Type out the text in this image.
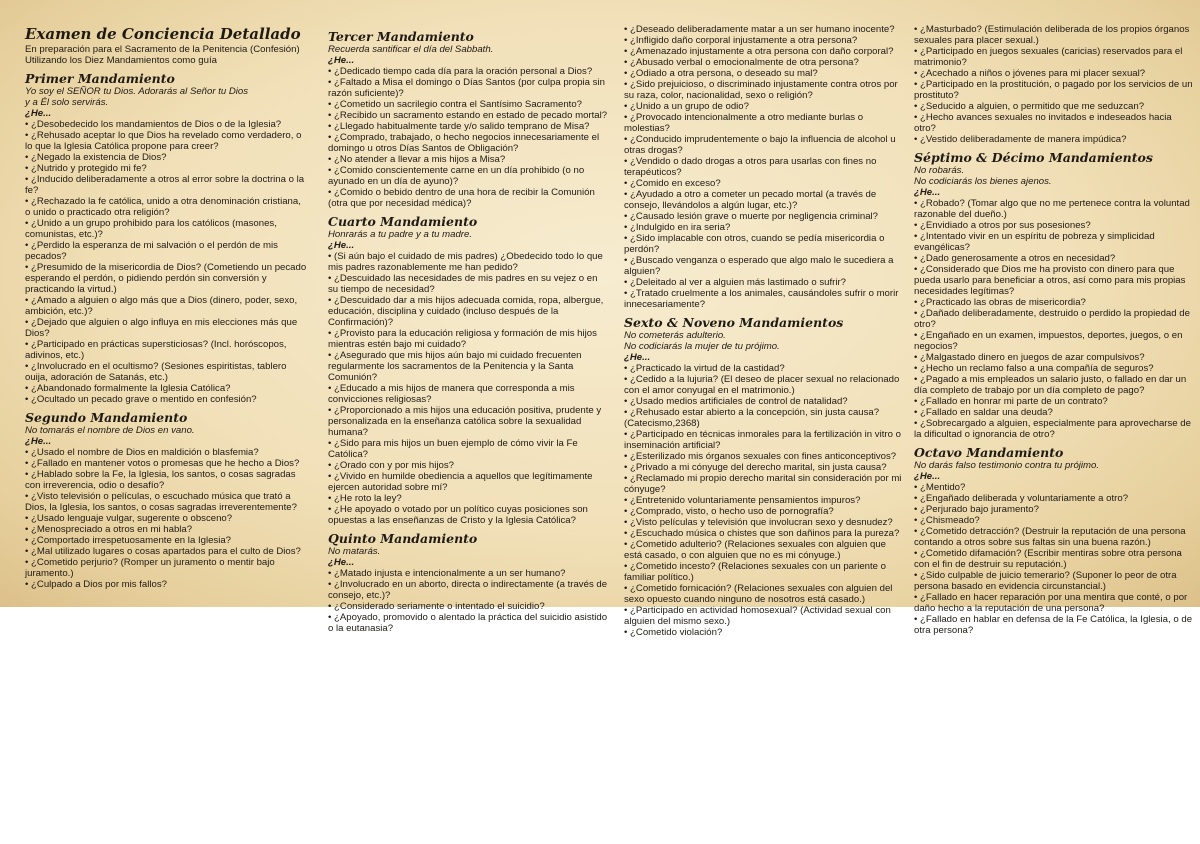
Examen de Conciencia Detallado

En preparación para el Sacramento de la Penitencia (Confesión)

Utilizando los Diez Mandamientos como guía

Primer Mandamiento

Yo soy el SEÑOR tu Dios. Adorarás al Señor tu Dios

y a Él solo servirás.

¿He...

• ¿Desobedecido los mandamientos de Dios o de la Iglesia?
• ¿Rehusado aceptar lo que Dios ha revelado como verdadero, o lo que la Iglesia Católica propone para creer?
• ¿Negado la existencia de Dios?
• ¿Nutrido y protegido mi fe?
• ¿Inducido deliberadamente a otros al error sobre la doctrina o la fe?
• ¿Rechazado la fe católica, unido a otra denominación cristiana, o unido o practicado otra religión?
• ¿Unido a un grupo prohibido para los católicos (masones, comunistas, etc.)?
• ¿Perdido la esperanza de mi salvación o el perdón de mis pecados?
• ¿Presumido de la misericordia de Dios? (Cometiendo un pecado esperando el perdón, o pidiendo perdón sin conversión y practicando la virtud.)
• ¿Amado a alguien o algo más que a Dios (dinero, poder, sexo, ambición, etc.)?
• ¿Dejado que alguien o algo influya en mis elecciones más que Dios?
• ¿Participado en prácticas supersticiosas? (Incl. horóscopos, adivinos, etc.)
• ¿Involucrado en el ocultismo? (Sesiones espiritistas, tablero ouija, adoración de Satanás, etc.)
• ¿Abandonado formalmente la Iglesia Católica?
• ¿Ocultado un pecado grave o mentido en confesión?
Segundo Mandamiento

No tomarás el nombre de Dios en vano.

¿He...

• ¿Usado el nombre de Dios en maldición o blasfemia?
• ¿Fallado en mantener votos o promesas que he hecho a Dios?
• ¿Hablado sobre la Fe, la Iglesia, los santos, o cosas sagradas con irreverencia, odio o desafío?
• ¿Visto televisión o películas, o escuchado música que trató a Dios, la Iglesia, los santos, o cosas sagradas irreverentemente?
• ¿Usado lenguaje vulgar, sugerente o obsceno?
• ¿Menospreciado a otros en mi habla?
• ¿Comportado irrespetuosamente en la Iglesia?
• ¿Mal utilizado lugares o cosas apartados para el culto de Dios?
• ¿Cometido perjurio? (Romper un juramento o mentir bajo juramento.)
• ¿Culpado a Dios por mis fallos?
Tercer Mandamiento

Recuerda santificar el día del Sabbath.

¿He...

• ¿Dedicado tiempo cada día para la oración personal a Dios?
• ¿Faltado a Misa el domingo o Días Santos (por culpa propia sin razón suficiente)?
• ¿Cometido un sacrilegio contra el Santísimo Sacramento?
• ¿Recibido un sacramento estando en estado de pecado mortal?
• ¿Llegado habitualmente tarde y/o salido temprano de Misa?
• ¿Comprado, trabajado, o hecho negocios innecesariamente el domingo u otros Días Santos de Obligación?
• ¿No atender a llevar a mis hijos a Misa?
• ¿Comido conscientemente carne en un día prohibido (o no ayunado en un día de ayuno)?
• ¿Comido o bebido dentro de una hora de recibir la Comunión (otra que por necesidad médica)?
Cuarto Mandamiento

Honrarás a tu padre y a tu madre.

¿He...

• (Si aún bajo el cuidado de mis padres) ¿Obedecido todo lo que mis padres razonablemente me han pedido?
• ¿Descuidado las necesidades de mis padres en su vejez o en su tiempo de necesidad?
• ¿Descuidado dar a mis hijos adecuada comida, ropa, albergue, educación, disciplina y cuidado (incluso después de la Confirmación)?
• ¿Provisto para la educación religiosa y formación de mis hijos mientras estén bajo mi cuidado?
• ¿Asegurado que mis hijos aún bajo mi cuidado frecuenten regularmente los sacramentos de la Penitencia y la Santa Comunión?
• ¿Educado a mis hijos de manera que corresponda a mis convicciones religiosas?
• ¿Proporcionado a mis hijos una educación positiva, prudente y personalizada en la enseñanza católica sobre la sexualidad humana?
• ¿Sido para mis hijos un buen ejemplo de cómo vivir la Fe Católica?
• ¿Orado con y por mis hijos?
• ¿Vivido en humilde obediencia a aquellos que legítimamente ejercen autoridad sobre mí?
• ¿He roto la ley?
• ¿He apoyado o votado por un político cuyas posiciones son opuestas a las enseñanzas de Cristo y la Iglesia Católica?
Quinto Mandamiento

No matarás.

¿He...

• ¿Matado injusta e intencionalmente a un ser humano?
• ¿Involucrado en un aborto, directa o indirectamente (a través de consejo, etc.)?
• ¿Considerado seriamente o intentado el suicidio?
• ¿Apoyado, promovido o alentado la práctica del suicidio asistido o la eutanasia?
• ¿Deseado deliberadamente matar a un ser humano inocente?
• ¿Infligido daño corporal injustamente a otra persona?
• ¿Amenazado injustamente a otra persona con daño corporal?
• ¿Abusado verbal o emocionalmente de otra persona?
• ¿Odiado a otra persona, o deseado su mal?
• ¿Sido prejuicioso, o discriminado injustamente contra otros por su raza, color, nacionalidad, sexo o religión?
• ¿Unido a un grupo de odio?
• ¿Provocado intencionalmente a otro mediante burlas o molestias?
• ¿Conducido imprudentemente o bajo la influencia de alcohol u otras drogas?
• ¿Vendido o dado drogas a otros para usarlas con fines no terapéuticos?
• ¿Comido en exceso?
• ¿Ayudado a otro a cometer un pecado mortal (a través de consejo, llevándolos a algún lugar, etc.)?
• ¿Causado lesión grave o muerte por negligencia criminal?
• ¿Indulgido en ira seria?
• ¿Sido implacable con otros, cuando se pedía misericordia o perdón?
• ¿Buscado venganza o esperado que algo malo le sucediera a alguien?
• ¿Deleitado al ver a alguien más lastimado o sufrir?
• ¿Tratado cruelmente a los animales, causándoles sufrir o morir innecesariamente?
Sexto & Noveno Mandamientos

No cometerás adulterio.

No codiciarás la mujer de tu prójimo.

¿He...

• ¿Practicado la virtud de la castidad?
• ¿Cedido a la lujuria? (El deseo de placer sexual no relacionado con el amor conyugal en el matrimonio.)
• ¿Usado medios artificiales de control de natalidad?
• ¿Rehusado estar abierto a la concepción, sin justa causa? (Catecismo,2368)
• ¿Participado en técnicas inmorales para la fertilización in vitro o inseminación artificial?
• ¿Esterilizado mis órganos sexuales con fines anticonceptivos?
• ¿Privado a mi cónyuge del derecho marital, sin justa causa?
• ¿Reclamado mi propio derecho marital sin consideración por mi cónyuge?
• ¿Entretenido voluntariamente pensamientos impuros?
• ¿Comprado, visto, o hecho uso de pornografía?
• ¿Visto películas y televisión que involucran sexo y desnudez?
• ¿Escuchado música o chistes que son dañinos para la pureza?
• ¿Cometido adulterio? (Relaciones sexuales con alguien que está casado, o con alguien que no es mi cónyuge.)
• ¿Cometido incesto? (Relaciones sexuales con un pariente o familiar político.)
• ¿Cometido fornicación? (Relaciones sexuales con alguien del sexo opuesto cuando ninguno de nosotros está casado.)
• ¿Participado en actividad homosexual? (Actividad sexual con alguien del mismo sexo.)
• ¿Cometido violación?
• ¿Masturbado? (Estimulación deliberada de los propios órganos sexuales para placer sexual.)
• ¿Participado en juegos sexuales (caricias) reservados para el matrimonio?
• ¿Acechado a niños o jóvenes para mi placer sexual?
• ¿Participado en la prostitución, o pagado por los servicios de un prostituto?
• ¿Seducido a alguien, o permitido que me seduzcan?
• ¿Hecho avances sexuales no invitados e indeseados hacia otro?
• ¿Vestido deliberadamente de manera impúdica?
Séptimo & Décimo Mandamientos

No robarás.

No codiciarás los bienes ajenos.

¿He...

• ¿Robado? (Tomar algo que no me pertenece contra la voluntad razonable del dueño.)
• ¿Envidiado a otros por sus posesiones?
• ¿Intentado vivir en un espíritu de pobreza y simplicidad evangélicas?
• ¿Dado generosamente a otros en necesidad?
• ¿Considerado que Dios me ha provisto con dinero para que pueda usarlo para beneficiar a otros, así como para mis propias necesidades legítimas?
• ¿Practicado las obras de misericordia?
• ¿Dañado deliberadamente, destruido o perdido la propiedad de otro?
• ¿Engañado en un examen, impuestos, deportes, juegos, o en negocios?
• ¿Malgastado dinero en juegos de azar compulsivos?
• ¿Hecho un reclamo falso a una compañía de seguros?
• ¿Pagado a mis empleados un salario justo, o fallado en dar un día completo de trabajo por un día completo de pago?
• ¿Fallado en honrar mi parte de un contrato?
• ¿Fallado en saldar una deuda?
• ¿Sobrecargado a alguien, especialmente para aprovecharse de la dificultad o ignorancia de otro?
Octavo Mandamiento

No darás falso testimonio contra tu prójimo.

¿He...

• ¿Mentido?
• ¿Engañado deliberada y voluntariamente a otro?
• ¿Perjurado bajo juramento?
• ¿Chismeado?
• ¿Cometido detracción? (Destruir la reputación de una persona contando a otros sobre sus faltas sin una buena razón.)
• ¿Cometido difamación? (Escribir mentiras sobre otra persona con el fin de destruir su reputación.)
• ¿Sido culpable de juicio temerario? (Suponer lo peor de otra persona basado en evidencia circunstancial.)
• ¿Fallado en hacer reparación por una mentira que conté, o por daño hecho a la reputación de una persona?
• ¿Fallado en hablar en defensa de la Fe Católica, la Iglesia, o de otra persona?
